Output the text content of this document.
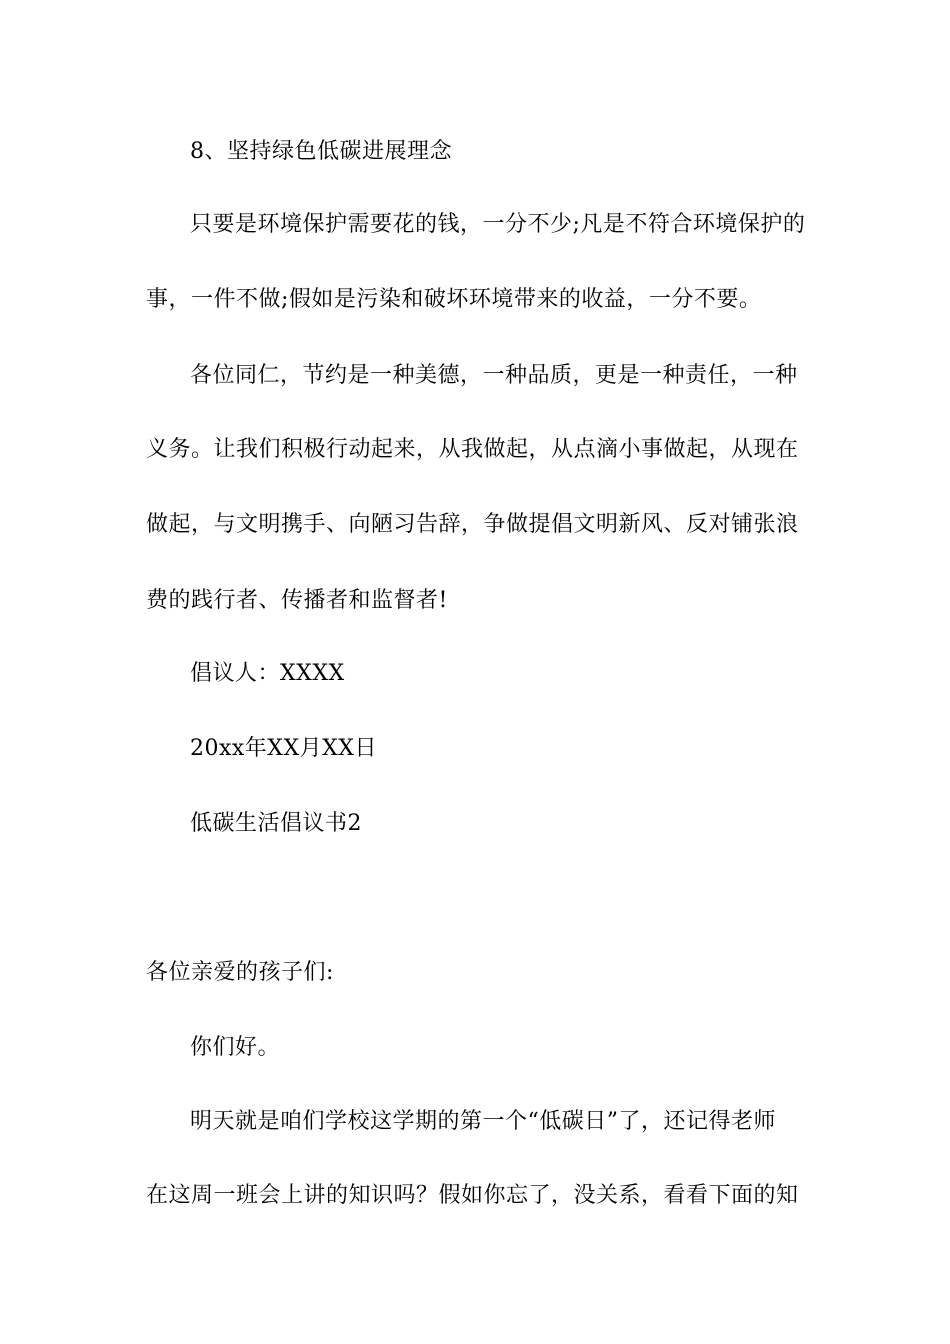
8、坚持绿色低碳进展理念
只要是环境保护需要花的钱，一分不少;凡是不符合环境保护的
事，一件不做;假如是污染和破坏环境带来的收益，一分不要。
各位同仁，节约是一种美德，一种品质，更是一种责任，一种
义务。让我们积极行动起来，从我做起，从点滴小事做起，从现在
做起，与文明携手、向陋习告辞，争做提倡文明新风、反对铺张浪
费的践行者、传播者和监督者!
倡议人：XXXX
20xx年XX月XX日
低碳生活倡议书2
各位亲爱的孩子们:
你们好。
明天就是咱们学校这学期的第一个“低碳日”了，还记得老师
在这周一班会上讲的知识吗？假如你忘了，没关系，看看下面的知
